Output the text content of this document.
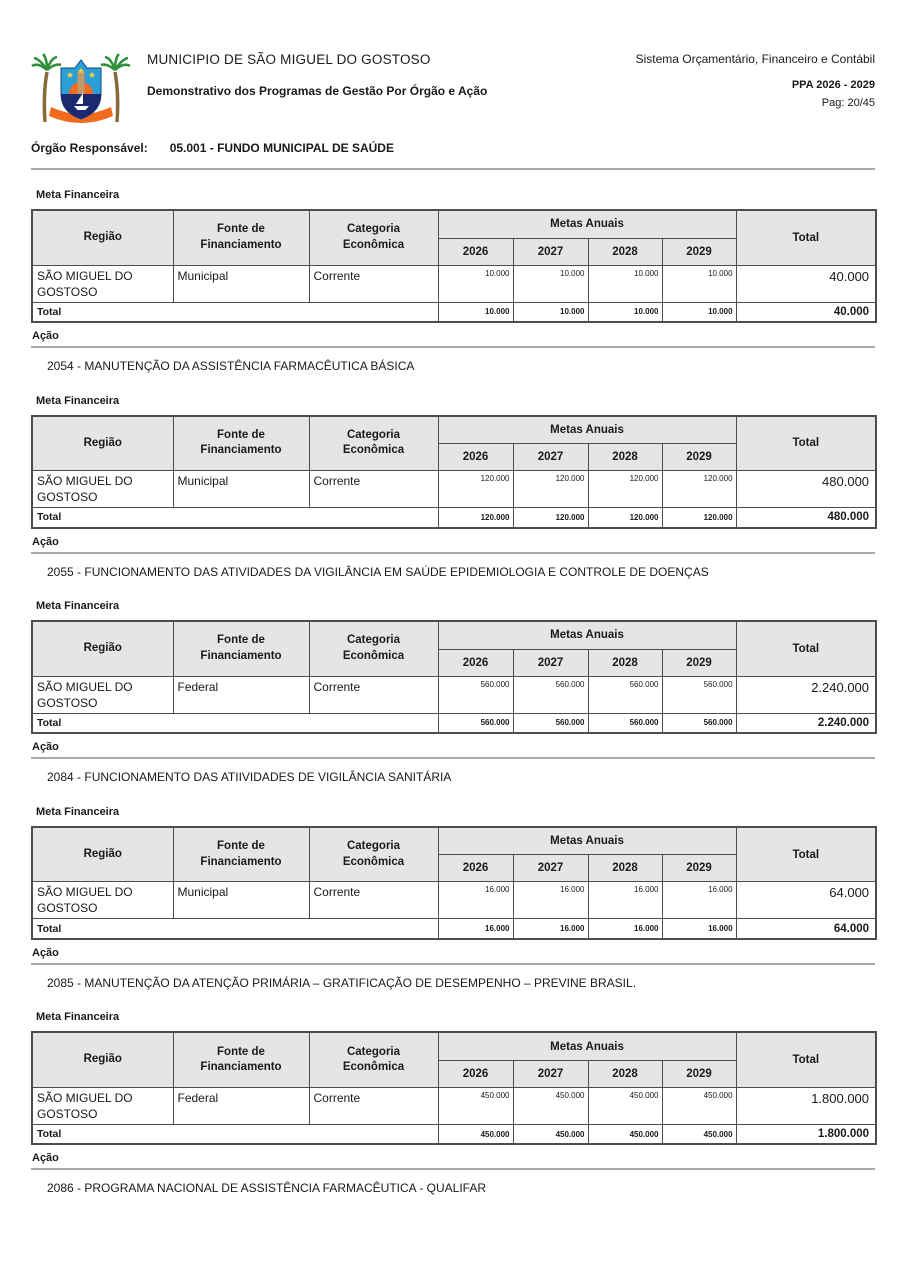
MUNICIPIO DE SÃO MIGUEL DO GOSTOSO
Demonstrativo dos Programas de Gestão Por Órgão e Ação
Sistema Orçamentário, Financeiro e Contábil
PPA 2026 - 2029
Pag: 20/45
Órgão Responsável: 05.001 - FUNDO MUNICIPAL DE SAÚDE
Meta Financeira
Região	Fonte de Financiamento	Categoria Econômica	Metas Anuais				Total
			2026	2027	2028	2029	
SÃO MIGUEL DO GOSTOSO	Municipal	Corrente	10.000	10.000	10.000	10.000	40.000
Total			10.000	10.000	10.000	10.000	40.000
Ação
2054 - MANUTENÇÃO DA ASSISTÊNCIA FARMACÊUTICA BÁSICA
Meta Financeira
Região	Fonte de Financiamento	Categoria Econômica	Metas Anuais				Total
			2026	2027	2028	2029	
SÃO MIGUEL DO GOSTOSO	Municipal	Corrente	120.000	120.000	120.000	120.000	480.000
Total			120.000	120.000	120.000	120.000	480.000
Ação
2055 - FUNCIONAMENTO DAS ATIVIDADES DA VIGILÂNCIA EM SAÚDE EPIDEMIOLOGIA E CONTROLE DE DOENÇAS
Meta Financeira
Região	Fonte de Financiamento	Categoria Econômica	Metas Anuais				Total
			2026	2027	2028	2029	
SÃO MIGUEL DO GOSTOSO	Federal	Corrente	560.000	560.000	560.000	560.000	2.240.000
Total			560.000	560.000	560.000	560.000	2.240.000
Ação
2084 - FUNCIONAMENTO DAS ATIIVIDADES DE VIGILÂNCIA SANITÁRIA
Meta Financeira
Região	Fonte de Financiamento	Categoria Econômica	Metas Anuais				Total
			2026	2027	2028	2029	
SÃO MIGUEL DO GOSTOSO	Municipal	Corrente	16.000	16.000	16.000	16.000	64.000
Total			16.000	16.000	16.000	16.000	64.000
Ação
2085 - MANUTENÇÃO DA ATENÇÃO PRIMÁRIA – GRATIFICAÇÃO DE DESEMPENHO – PREVINE BRASIL.
Meta Financeira
Região	Fonte de Financiamento	Categoria Econômica	Metas Anuais				Total
			2026	2027	2028	2029	
SÃO MIGUEL DO GOSTOSO	Federal	Corrente	450.000	450.000	450.000	450.000	1.800.000
Total			450.000	450.000	450.000	450.000	1.800.000
Ação
2086 - PROGRAMA NACIONAL DE ASSISTÊNCIA FARMACÊUTICA - QUALIFAR
